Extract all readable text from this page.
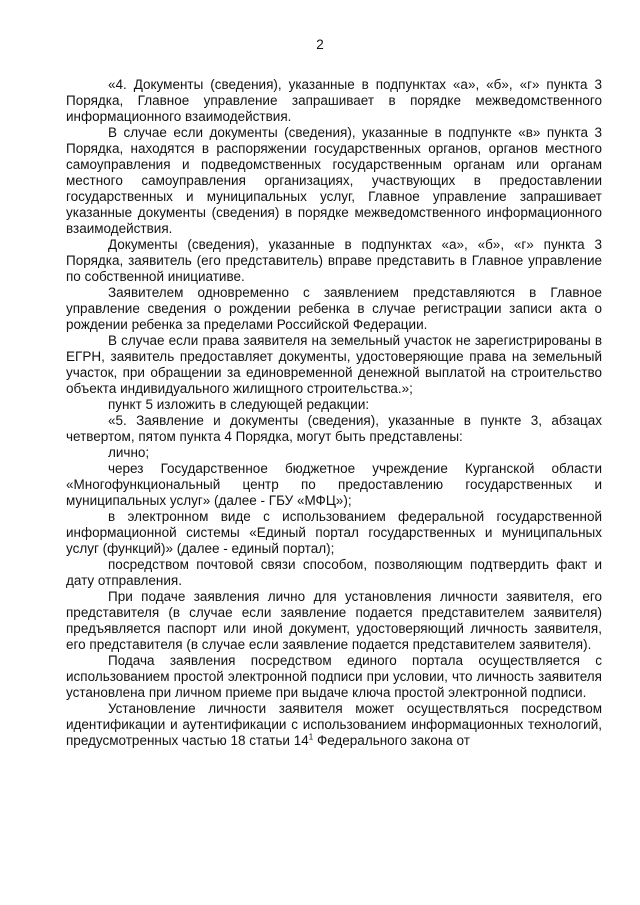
2

«4. Документы (сведения), указанные в подпунктах «а», «б», «г» пункта 3 Порядка, Главное управление запрашивает в порядке межведомственного информационного взаимодействия.

В случае если документы (сведения), указанные в подпункте «в» пункта 3 Порядка, находятся в распоряжении государственных органов, органов местного самоуправления и подведомственных государственным органам или органам местного самоуправления организациях, участвующих в предоставлении государственных и муниципальных услуг, Главное управление запрашивает указанные документы (сведения) в порядке межведомственного информационного взаимодействия.

Документы (сведения), указанные в подпунктах «а», «б», «г» пункта 3 Порядка, заявитель (его представитель) вправе представить в Главное управление по собственной инициативе.

Заявителем одновременно с заявлением представляются в Главное управление сведения о рождении ребенка в случае регистрации записи акта о рождении ребенка за пределами Российской Федерации.

В случае если права заявителя на земельный участок не зарегистрированы в ЕГРН, заявитель предоставляет документы, удостоверяющие права на земельный участок, при обращении за единовременной денежной выплатой на строительство объекта индивидуального жилищного строительства.»;

пункт 5 изложить в следующей редакции:

«5. Заявление и документы (сведения), указанные в пункте 3, абзацах четвертом, пятом пункта 4 Порядка, могут быть представлены:

лично;

через Государственное бюджетное учреждение Курганской области «Многофункциональный центр по предоставлению государственных и муниципальных услуг» (далее - ГБУ «МФЦ»);

в электронном виде с использованием федеральной государственной информационной системы «Единый портал государственных и муниципальных услуг (функций)» (далее - единый портал);

посредством почтовой связи способом, позволяющим подтвердить факт и дату отправления.

При подаче заявления лично для установления личности заявителя, его представителя (в случае если заявление подается представителем заявителя) предъявляется паспорт или иной документ, удостоверяющий личность заявителя, его представителя (в случае если заявление подается представителем заявителя).

Подача заявления посредством единого портала осуществляется с использованием простой электронной подписи при условии, что личность заявителя установлена при личном приеме при выдаче ключа простой электронной подписи.

Установление личности заявителя может осуществляться посредством идентификации и аутентификации с использованием информационных технологий, предусмотренных частью 18 статьи $14^1$ Федерального закона от
